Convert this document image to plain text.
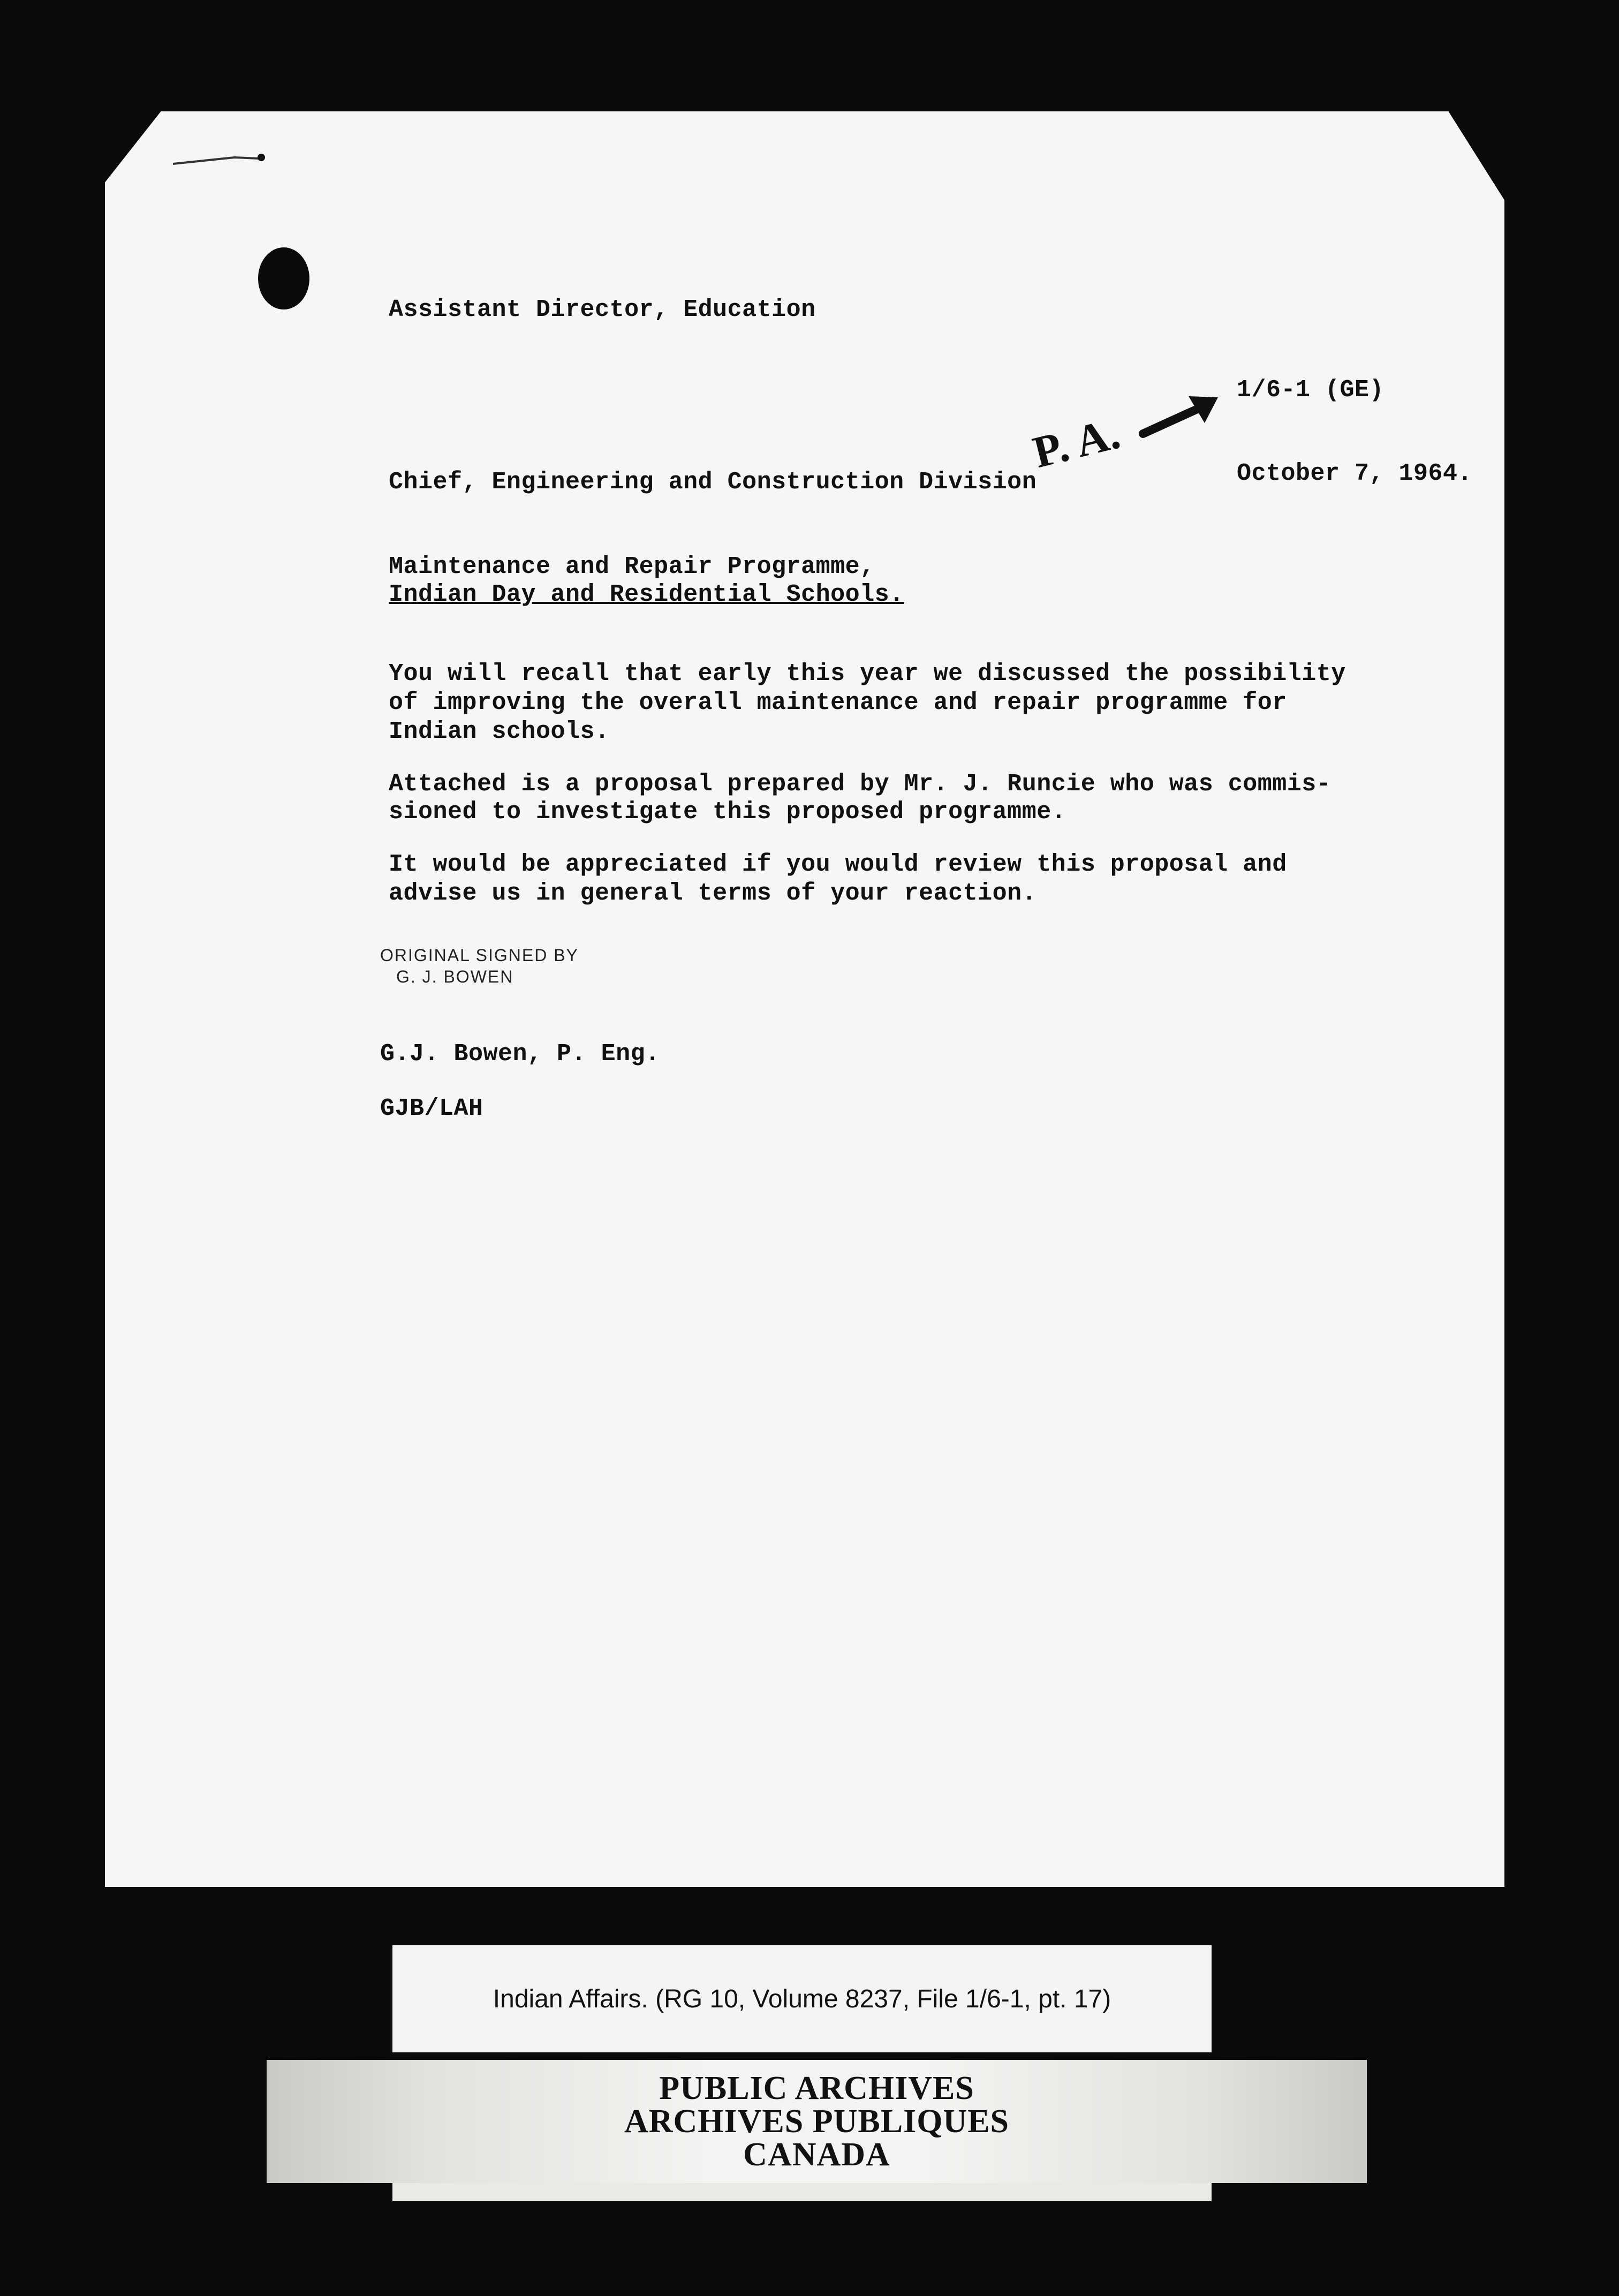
Assistant Director, Education
1/6-1 (GE)
P. A.
Chief, Engineering and Construction Division	October 7, 1964.
Maintenance and Repair Programme,
Indian Day and Residential Schools.
You will recall that early this year we discussed the possibility
of improving the overall maintenance and repair programme for
Indian schools.
Attached is a proposal prepared by Mr. J. Runcie who was commis-
sioned to investigate this proposed programme.
It would be appreciated if you would review this proposal and
advise us in general terms of your reaction.
ORIGINAL SIGNED BY
G. J. BOWEN
G.J. Bowen, P. Eng.
GJB/LAH
Indian Affairs. (RG 10, Volume 8237, File 1/6-1, pt. 17)
PUBLIC ARCHIVES
ARCHIVES PUBLIQUES
CANADA
